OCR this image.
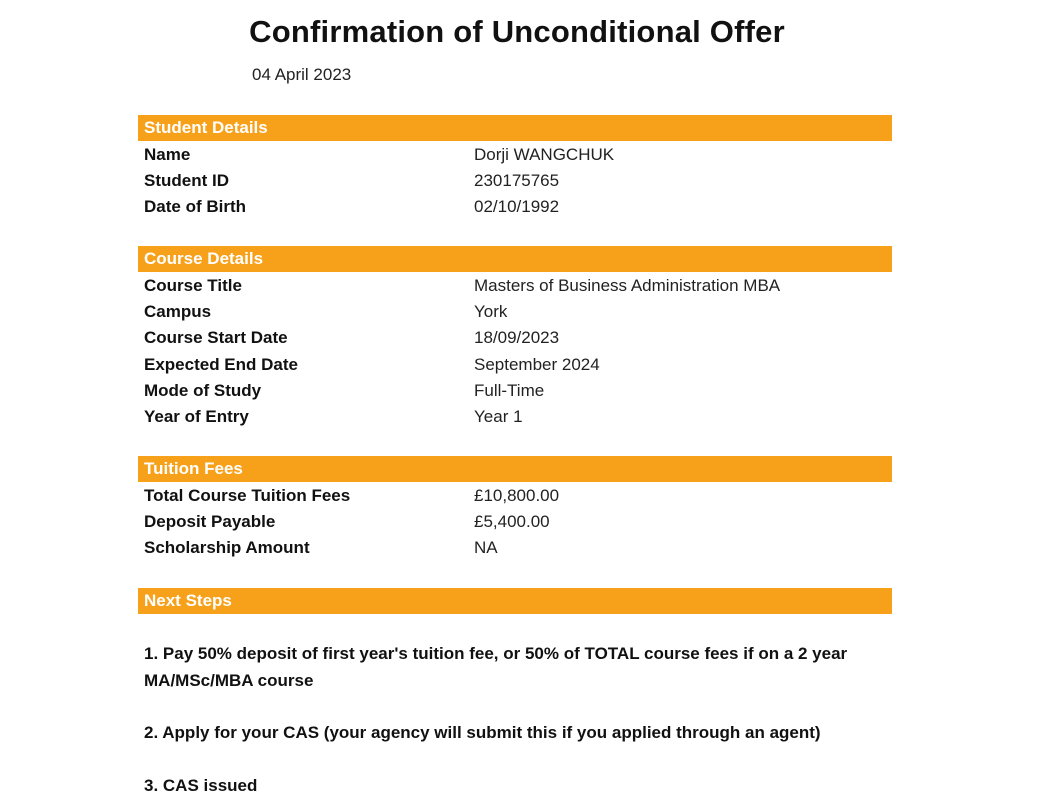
Confirmation of Unconditional Offer
04 April 2023
Student Details
Name	Dorji WANGCHUK
Student ID	230175765
Date of Birth	02/10/1992
Course Details
Course Title	Masters of Business Administration MBA
Campus	York
Course Start Date	18/09/2023
Expected End Date	September 2024
Mode of Study	Full-Time
Year of Entry	Year 1
Tuition Fees
Total Course Tuition Fees	£10,800.00
Deposit Payable	£5,400.00
Scholarship Amount	NA
Next Steps
1. Pay 50% deposit of first year's tuition fee, or 50% of TOTAL course fees if on a 2 year MA/MSc/MBA course
2. Apply for your CAS (your agency will submit this if you applied through an agent)
3. CAS issued
